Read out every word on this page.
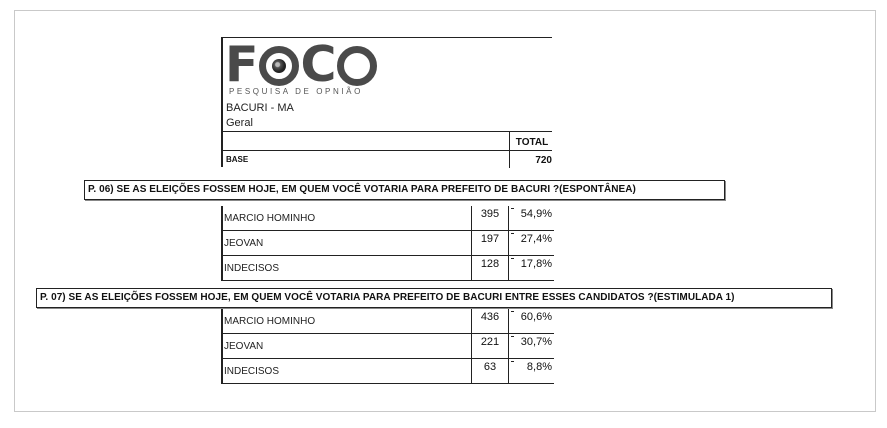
F C
PESQUISA DE OPNIÃO
BACURI - MA
Geral
TOTAL
BASE	720
P. 06) SE AS ELEIÇÕES FOSSEM HOJE, EM QUEM VOCÊ VOTARIA PARA PREFEITO DE BACURI ?(ESPONTÂNEA)
MARCIO HOMINHO	395	54,9%
JEOVAN	197	27,4%
INDECISOS	128	17,8%
P. 07) SE AS ELEIÇÕES FOSSEM HOJE, EM QUEM VOCÊ VOTARIA PARA PREFEITO DE BACURI ENTRE ESSES CANDIDATOS ?(ESTIMULADA 1)
MARCIO HOMINHO	436	60,6%
JEOVAN	221	30,7%
INDECISOS	63	8,8%
